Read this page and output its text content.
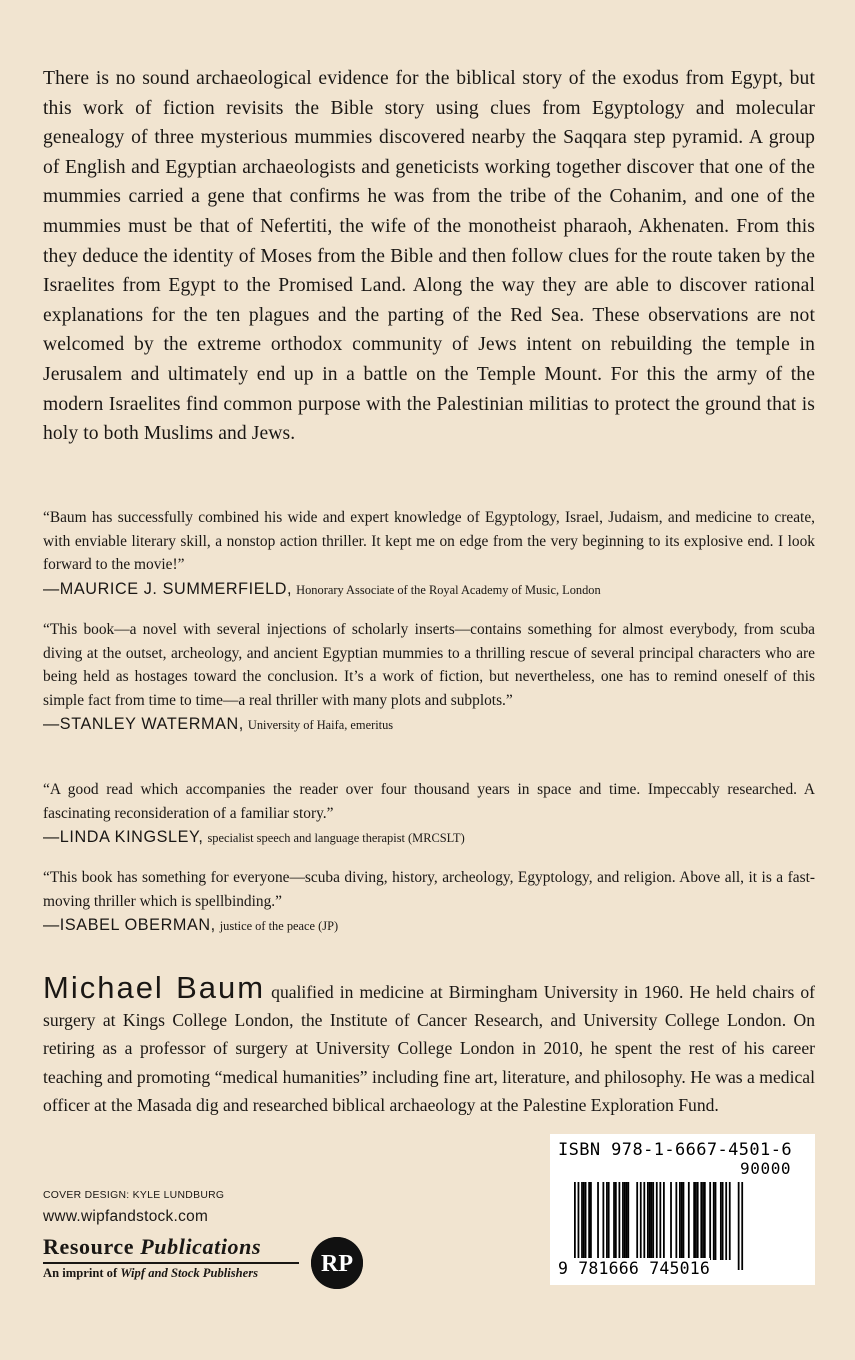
There is no sound archaeological evidence for the biblical story of the exodus from Egypt, but this work of fiction revisits the Bible story using clues from Egyptology and molecular genealogy of three mysterious mummies discovered nearby the Saqqara step pyramid. A group of English and Egyptian archaeologists and geneticists working together discover that one of the mummies carried a gene that confirms he was from the tribe of the Cohanim, and one of the mummies must be that of Nefertiti, the wife of the monotheist pharaoh, Akhenaten. From this they deduce the identity of Moses from the Bible and then follow clues for the route taken by the Israelites from Egypt to the Promised Land. Along the way they are able to discover rational explanations for the ten plagues and the parting of the Red Sea. These observations are not welcomed by the extreme orthodox community of Jews intent on rebuilding the temple in Jerusalem and ultimately end up in a battle on the Temple Mount. For this the army of the modern Israelites find common purpose with the Palestinian militias to protect the ground that is holy to both Muslims and Jews.

“Baum has successfully combined his wide and expert knowledge of Egyptology, Israel, Judaism, and medicine to create, with enviable literary skill, a nonstop action thriller. It kept me on edge from the very beginning to its explosive end. I look forward to the movie!”

—MAURICE J. SUMMERFIELD, Honorary Associate of the Royal Academy of Music, London

“This book—a novel with several injections of scholarly inserts—contains something for almost everybody, from scuba diving at the outset, archeology, and ancient Egyptian mummies to a thrilling rescue of several principal characters who are being held as hostages toward the conclusion. It’s a work of fiction, but nevertheless, one has to remind oneself of this simple fact from time to time—a real thriller with many plots and subplots.”

—STANLEY WATERMAN, University of Haifa, emeritus

“A good read which accompanies the reader over four thousand years in space and time. Impeccably researched. A fascinating reconsideration of a familiar story.”

—LINDA KINGSLEY, specialist speech and language therapist (MRCSLT)

“This book has something for everyone—scuba diving, history, archeology, Egyptology, and religion. Above all, it is a fast-moving thriller which is spellbinding.”

—ISABEL OBERMAN, justice of the peace (JP)

Michael Baum qualified in medicine at Birmingham University in 1960. He held chairs of surgery at Kings College London, the Institute of Cancer Research, and University College London. On retiring as a professor of surgery at University College London in 2010, he spent the rest of his career teaching and promoting “medical humanities” including fine art, literature, and philosophy. He was a medical officer at the Masada dig and researched biblical archaeology at the Palestine Exploration Fund.

COVER DESIGN: KYLE LUNDBURG
www.wipfandstock.com
Resource Publications
An imprint of Wipf and Stock Publishers	RP
ISBN 978-1-6667-4501-6
90000
9 781666 745016
